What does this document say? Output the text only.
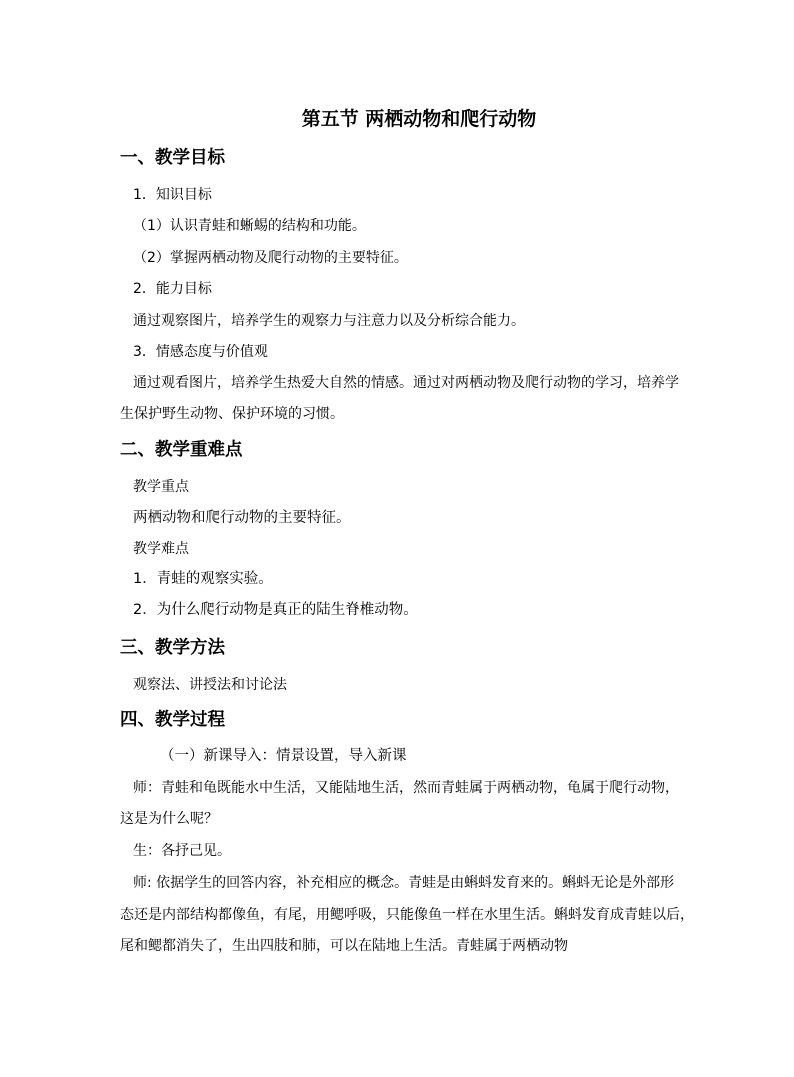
第五节 两栖动物和爬行动物
一、教学目标
1．知识目标
（1）认识青蛙和蜥蜴的结构和功能。
（2）掌握两栖动物及爬行动物的主要特征。
2．能力目标
通过观察图片，培养学生的观察力与注意力以及分析综合能力。
3．情感态度与价值观
通过观看图片，培养学生热爱大自然的情感。通过对两栖动物及爬行动物的学习，培养学
生保护野生动物、保护环境的习惯。
二、教学重难点
教学重点
两栖动物和爬行动物的主要特征。
教学难点
1．青蛙的观察实验。
2．为什么爬行动物是真正的陆生脊椎动物。
三、教学方法
观察法、讲授法和讨论法
四、教学过程
（一）新课导入：情景设置，导入新课
师：青蛙和龟既能水中生活，又能陆地生活，然而青蛙属于两栖动物，龟属于爬行动物，
这是为什么呢？
生：各抒己见。
师: 依据学生的回答内容，补充相应的概念。青蛙是由蝌蚪发育来的。蝌蚪无论是外部形
态还是内部结构都像鱼，有尾，用鳃呼吸，只能像鱼一样在水里生活。蝌蚪发育成青蛙以后，
尾和鳃都消失了，生出四肢和肺，可以在陆地上生活。青蛙属于两栖动物
